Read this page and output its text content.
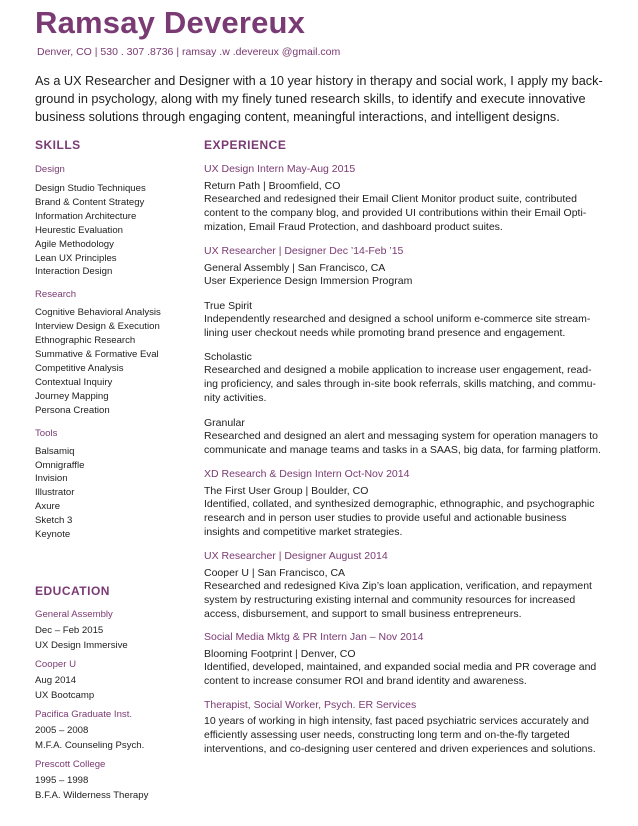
Ramsay Devereux
Denver, CO | 530 . 307 .8736 | ramsay .w .devereux @gmail.com

As a UX Researcher and Designer with a 10 year history in therapy and social work, I apply my back-ground in psychology, along with my finely tuned research skills, to identify and execute innovative business solutions through engaging content, meaningful interactions, and intelligent designs.

SKILLS

Design

Design Studio Techniques

Brand & Content Strategy

Information Architecture

Heurestic Evaluation

Agile Methodology

Lean UX Principles

Interaction Design

Research

Cognitive Behavioral Analysis

Interview Design & Execution

Ethnographic Research

Summative & Formative Eval

Competitive Analysis

Contextual Inquiry

Journey Mapping

Persona Creation

Tools

Balsamiq

Omnigraffle

Invision

Illustrator

Axure

Sketch 3

Keynote

EDUCATION

General Assembly

Dec – Feb 2015

UX Design Immersive

Cooper U

Aug 2014

UX Bootcamp

Pacifica Graduate Inst.

2005 – 2008

M.F.A. Counseling Psych.

Prescott College

1995 – 1998

B.F.A. Wilderness Therapy

EXPERIENCE

UX Design Intern May-Aug 2015

Return Path | Broomfield, CO

Researched and redesigned their Email Client Monitor product suite, contributed content to the company blog, and provided UI contributions within their Email Opti-mization, Email Fraud Protection, and dashboard product suites.

UX Researcher | Designer Dec ’14-Feb ’15

General Assembly | San Francisco, CA

User Experience Design Immersion Program

True Spirit

Independently researched and designed a school uniform e-commerce site stream-lining user checkout needs while promoting brand presence and engagement.

Scholastic

Researched and designed a mobile application to increase user engagement, read-ing proficiency, and sales through in-site book referrals, skills matching, and commu-nity activities.

Granular

Researched and designed an alert and messaging system for operation managers to communicate and manage teams and tasks in a SAAS, big data, for farming platform.

XD Research & Design Intern Oct-Nov 2014

The First User Group | Boulder, CO

Identified, collated, and synthesized demographic, ethnographic, and psychographic research and in person user studies to provide useful and actionable business insights and competitive market strategies.

UX Researcher | Designer August 2014

Cooper U | San Francisco, CA

Researched and redesigned Kiva Zip’s loan application, verification, and repayment system by restructuring existing internal and community resources for increased access, disbursement, and support to small business entrepreneurs.

Social Media Mktg & PR Intern Jan – Nov 2014

Blooming Footprint | Denver, CO

Identified, developed, maintained, and expanded social media and PR coverage and content to increase consumer ROI and brand identity and awareness.

Therapist, Social Worker, Psych. ER Services

10 years of working in high intensity, fast paced psychiatric services accurately and efficiently assessing user needs, constructing long term and on-the-fly targeted interventions, and co-designing user centered and driven experiences and solutions.
